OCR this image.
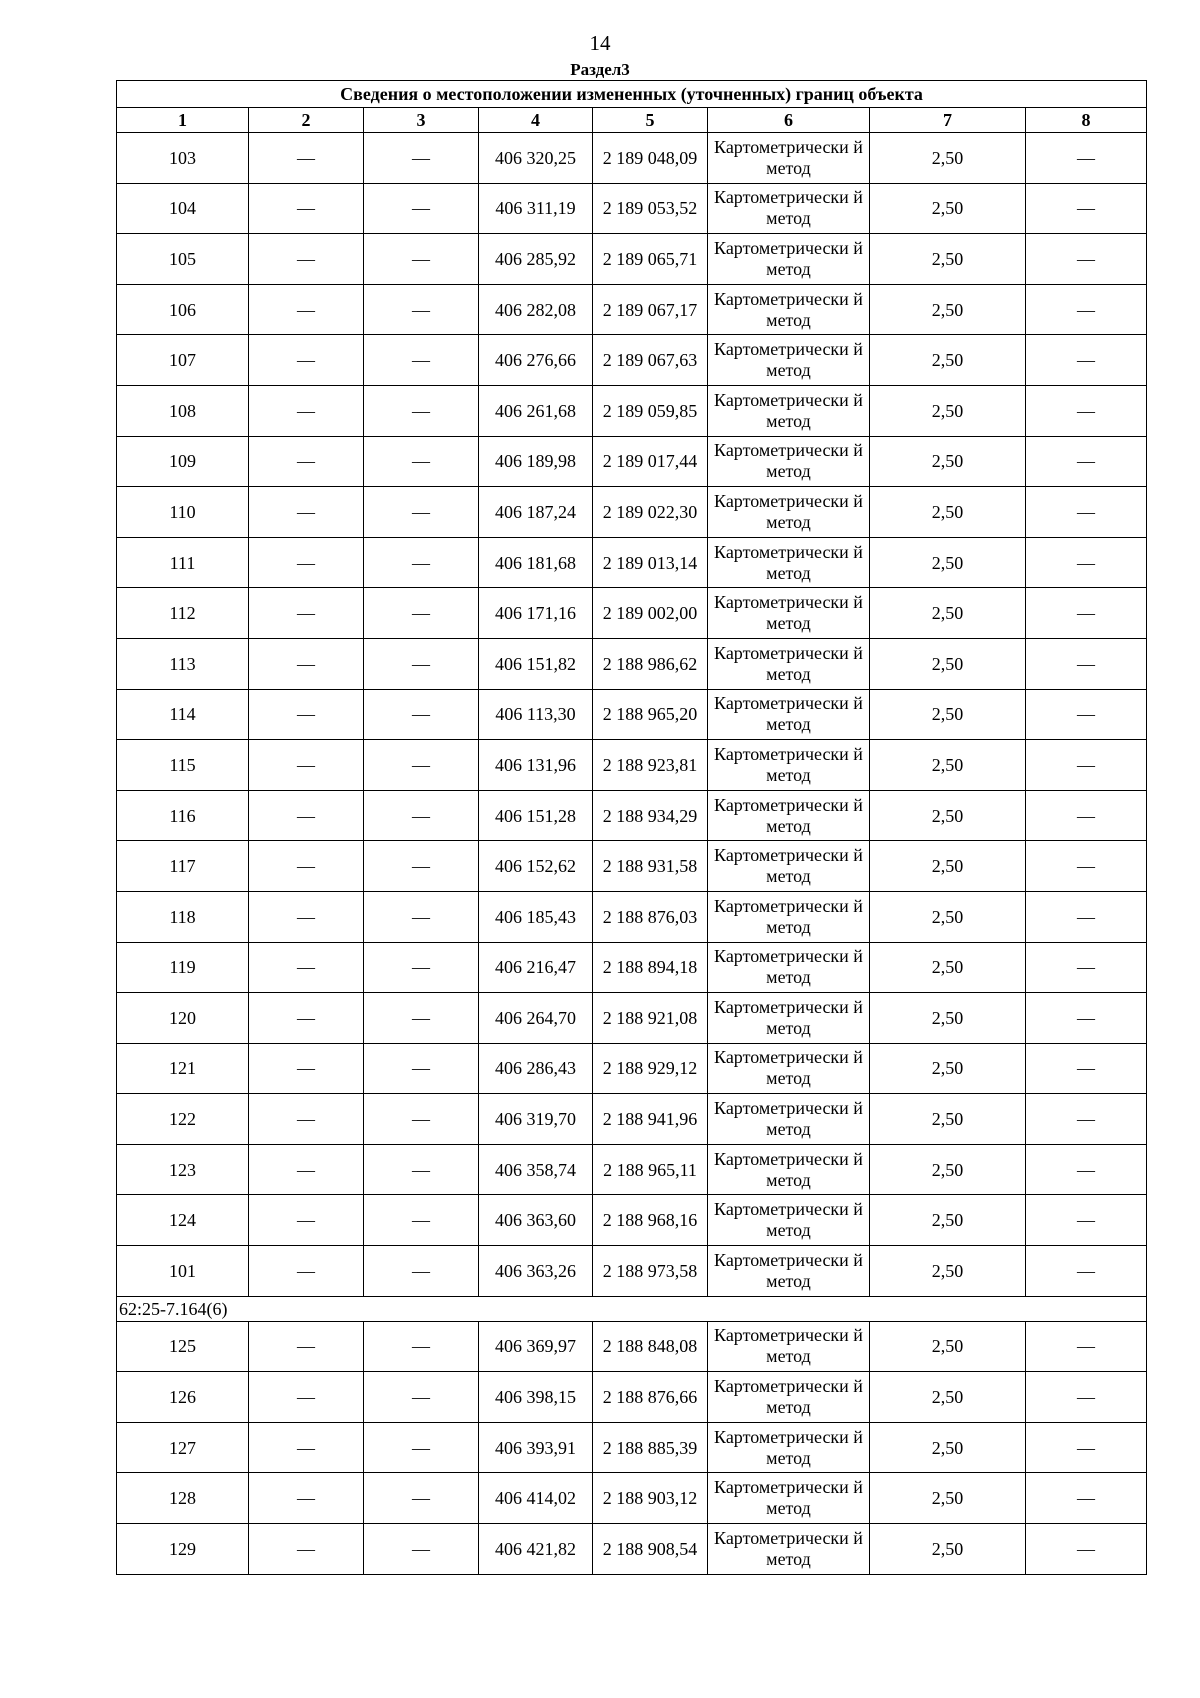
14
Раздел3
Сведения о местоположении измененных (уточненных) границ объекта							
1	2	3	4	5	6	7	8
103	—	—	406 320,25	2 189 048,09	Картометрически й метод	2,50	—
104	—	—	406 311,19	2 189 053,52	Картометрически й метод	2,50	—
105	—	—	406 285,92	2 189 065,71	Картометрически й метод	2,50	—
106	—	—	406 282,08	2 189 067,17	Картометрически й метод	2,50	—
107	—	—	406 276,66	2 189 067,63	Картометрически й метод	2,50	—
108	—	—	406 261,68	2 189 059,85	Картометрически й метод	2,50	—
109	—	—	406 189,98	2 189 017,44	Картометрически й метод	2,50	—
110	—	—	406 187,24	2 189 022,30	Картометрически й метод	2,50	—
111	—	—	406 181,68	2 189 013,14	Картометрически й метод	2,50	—
112	—	—	406 171,16	2 189 002,00	Картометрически й метод	2,50	—
113	—	—	406 151,82	2 188 986,62	Картометрически й метод	2,50	—
114	—	—	406 113,30	2 188 965,20	Картометрически й метод	2,50	—
115	—	—	406 131,96	2 188 923,81	Картометрически й метод	2,50	—
116	—	—	406 151,28	2 188 934,29	Картометрически й метод	2,50	—
117	—	—	406 152,62	2 188 931,58	Картометрически й метод	2,50	—
118	—	—	406 185,43	2 188 876,03	Картометрически й метод	2,50	—
119	—	—	406 216,47	2 188 894,18	Картометрически й метод	2,50	—
120	—	—	406 264,70	2 188 921,08	Картометрически й метод	2,50	—
121	—	—	406 286,43	2 188 929,12	Картометрически й метод	2,50	—
122	—	—	406 319,70	2 188 941,96	Картометрически й метод	2,50	—
123	—	—	406 358,74	2 188 965,11	Картометрически й метод	2,50	—
124	—	—	406 363,60	2 188 968,16	Картометрически й метод	2,50	—
101	—	—	406 363,26	2 188 973,58	Картометрически й метод	2,50	—
62:25-7.164(6)							
125	—	—	406 369,97	2 188 848,08	Картометрически й метод	2,50	—
126	—	—	406 398,15	2 188 876,66	Картометрически й метод	2,50	—
127	—	—	406 393,91	2 188 885,39	Картометрически й метод	2,50	—
128	—	—	406 414,02	2 188 903,12	Картометрически й метод	2,50	—
129	—	—	406 421,82	2 188 908,54	Картометрически й метод	2,50	—
